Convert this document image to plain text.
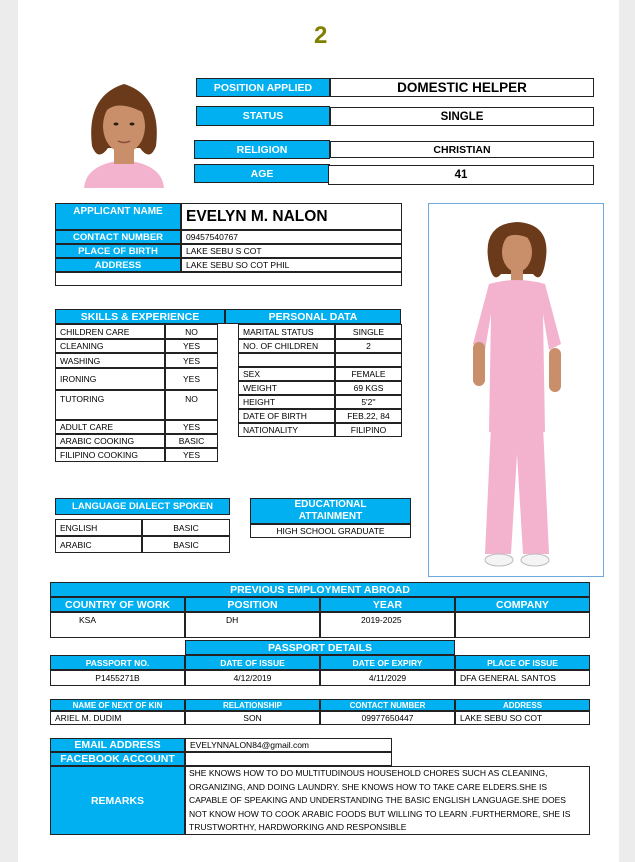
2
POSITION APPLIED	DOMESTIC HELPER
STATUS	SINGLE
RELIGION	CHRISTIAN
AGE	41
APPLICANT NAME	EVELYN M. NALON
CONTACT NUMBER	09457540767
PLACE OF BIRTH	LAKE SEBU S COT
ADDRESS	LAKE SEBU SO COT PHIL
SKILLS & EXPERIENCE
CHILDREN CARE	NO
CLEANING	YES
WASHING	YES
IRONING	YES
TUTORING	NO
ADULT CARE	YES
ARABIC COOKING	BASIC
FILIPINO COOKING	YES
PERSONAL DATA
MARITAL STATUS	SINGLE
NO. OF CHILDREN	2
SEX	FEMALE
WEIGHT	69 KGS
HEIGHT	5'2''
DATE OF BIRTH	FEB.22, 84
NATIONALITY	FILIPINO
LANGUAGE DIALECT SPOKEN
ENGLISH	BASIC
ARABIC	BASIC
EDUCATIONAL ATTAINMENT
HIGH SCHOOL GRADUATE
PREVIOUS EMPLOYMENT ABROAD
COUNTRY OF WORK	POSITION	YEAR	COMPANY
KSA	DH	2019-2025
PASSPORT DETAILS
PASSPORT NO.	DATE OF ISSUE	DATE OF EXPIRY	PLACE OF ISSUE
P1455271B	4/12/2019	4/11/2029	DFA GENERAL SANTOS
NAME OF NEXT OF KIN	RELATIONSHIP	CONTACT NUMBER	ADDRESS
ARIEL M. DUDIM	SON	09977650447	LAKE SEBU SO COT
EMAIL ADDRESS	EVELYNNALON84@gmail.com
FACEBOOK ACCOUNT
REMARKS
SHE KNOWS HOW TO DO MULTITUDINOUS HOUSEHOLD CHORES SUCH AS CLEANING, ORGANIZING, AND DOING LAUNDRY. SHE KNOWS HOW TO TAKE CARE ELDERS.SHE IS CAPABLE OF SPEAKING AND UNDERSTANDING THE BASIC ENGLISH LANGUAGE.SHE DOES NOT KNOW HOW TO COOK ARABIC FOODS BUT WILLING TO LEARN .FURTHERMORE, SHE IS TRUSTWORTHY, HARDWORKING AND RESPONSIBLE
